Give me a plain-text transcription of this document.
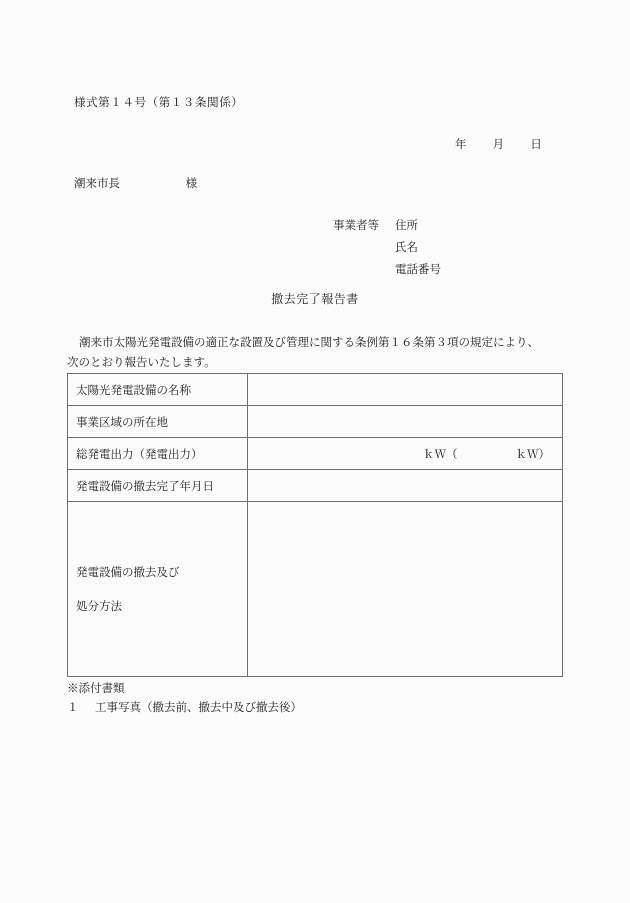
様式第１４号（第１３条関係）
年 月 日
潮来市長	様
事業者等 住所
氏名
電話番号
撤去完了報告書
潮来市太陽光発電設備の適正な設置及び管理に関する条例第１６条第３項の規定により、
次のとおり報告いたします。
太陽光発電設備の名称	
事業区域の所在地	
総発電出力（発電出力）	ｋＷ（ ｋＷ）

発電設備の撤去完了年月日	

発電設備の撤去及び
処分方法	

※添付書類
１ 工事写真（撤去前、撤去中及び撤去後）
